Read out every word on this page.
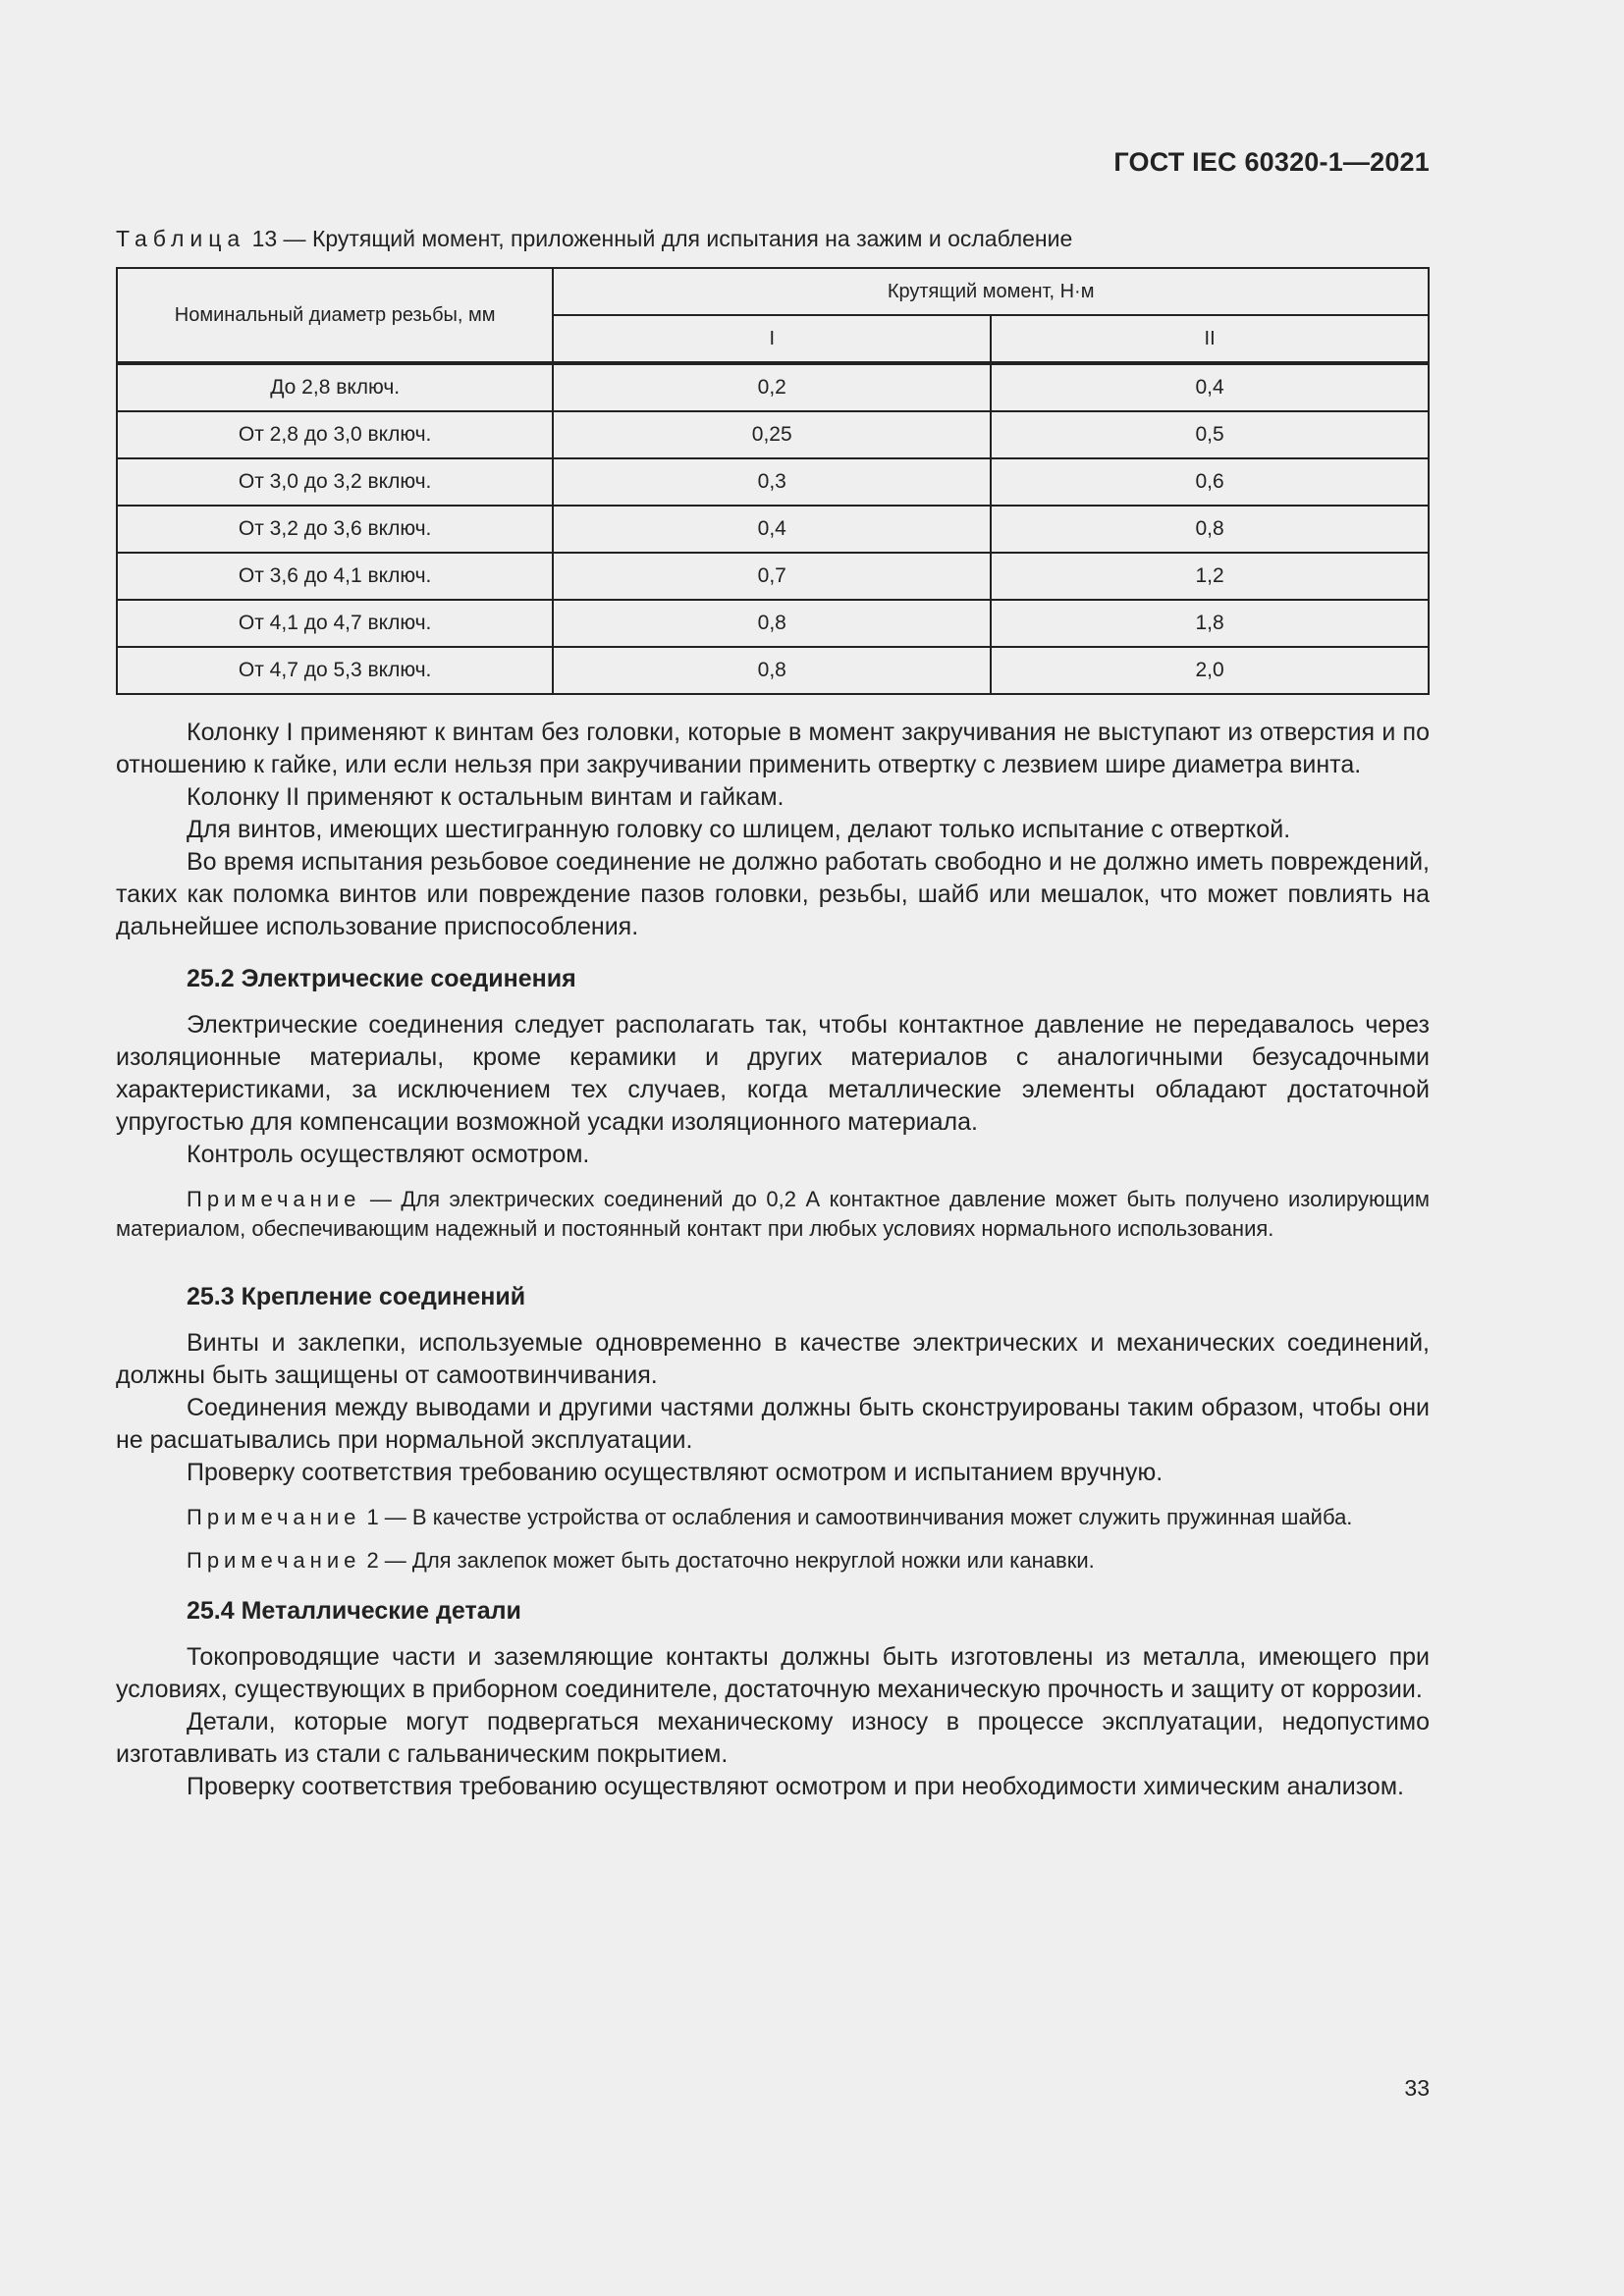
ГОСТ IEC 60320-1—2021
Таблица 13 — Крутящий момент, приложенный для испытания на зажим и ослабление
Номинальный диаметр резьбы, мм	Крутящий момент, Н·м	
	I	II
До 2,8 включ.	0,2	0,4
От 2,8 до 3,0 включ.	0,25	0,5
От 3,0 до 3,2 включ.	0,3	0,6
От 3,2 до 3,6 включ.	0,4	0,8
От 3,6 до 4,1 включ.	0,7	1,2
От 4,1 до 4,7 включ.	0,8	1,8
От 4,7 до 5,3 включ.	0,8	2,0

Колонку I применяют к винтам без головки, которые в момент закручивания не выступают из отверстия и по отношению к гайке, или если нельзя при закручивании применить отвертку с лезвием шире диаметра винта.

Колонку II применяют к остальным винтам и гайкам.

Для винтов, имеющих шестигранную головку со шлицем, делают только испытание с отверткой.

Во время испытания резьбовое соединение не должно работать свободно и не должно иметь повреждений, таких как поломка винтов или повреждение пазов головки, резьбы, шайб или мешалок, что может повлиять на дальнейшее использование приспособления.

25.2 Электрические соединения

Электрические соединения следует располагать так, чтобы контактное давление не передавалось через изоляционные материалы, кроме керамики и других материалов с аналогичными безусадочными характеристиками, за исключением тех случаев, когда металлические элементы обладают достаточной упругостью для компенсации возможной усадки изоляционного материала.

Контроль осуществляют осмотром.

Примечание — Для электрических соединений до 0,2 А контактное давление может быть получено изолирующим материалом, обеспечивающим надежный и постоянный контакт при любых условиях нормального использования.

25.3 Крепление соединений

Винты и заклепки, используемые одновременно в качестве электрических и механических соединений, должны быть защищены от самоотвинчивания.

Соединения между выводами и другими частями должны быть сконструированы таким образом, чтобы они не расшатывались при нормальной эксплуатации.

Проверку соответствия требованию осуществляют осмотром и испытанием вручную.

Примечание 1 — В качестве устройства от ослабления и самоотвинчивания может служить пружинная шайба.

Примечание 2 — Для заклепок может быть достаточно некруглой ножки или канавки.

25.4 Металлические детали

Токопроводящие части и заземляющие контакты должны быть изготовлены из металла, имеющего при условиях, существующих в приборном соединителе, достаточную механическую прочность и защиту от коррозии.

Детали, которые могут подвергаться механическому износу в процессе эксплуатации, недопустимо изготавливать из стали с гальваническим покрытием.

Проверку соответствия требованию осуществляют осмотром и при необходимости химическим анализом.

33
